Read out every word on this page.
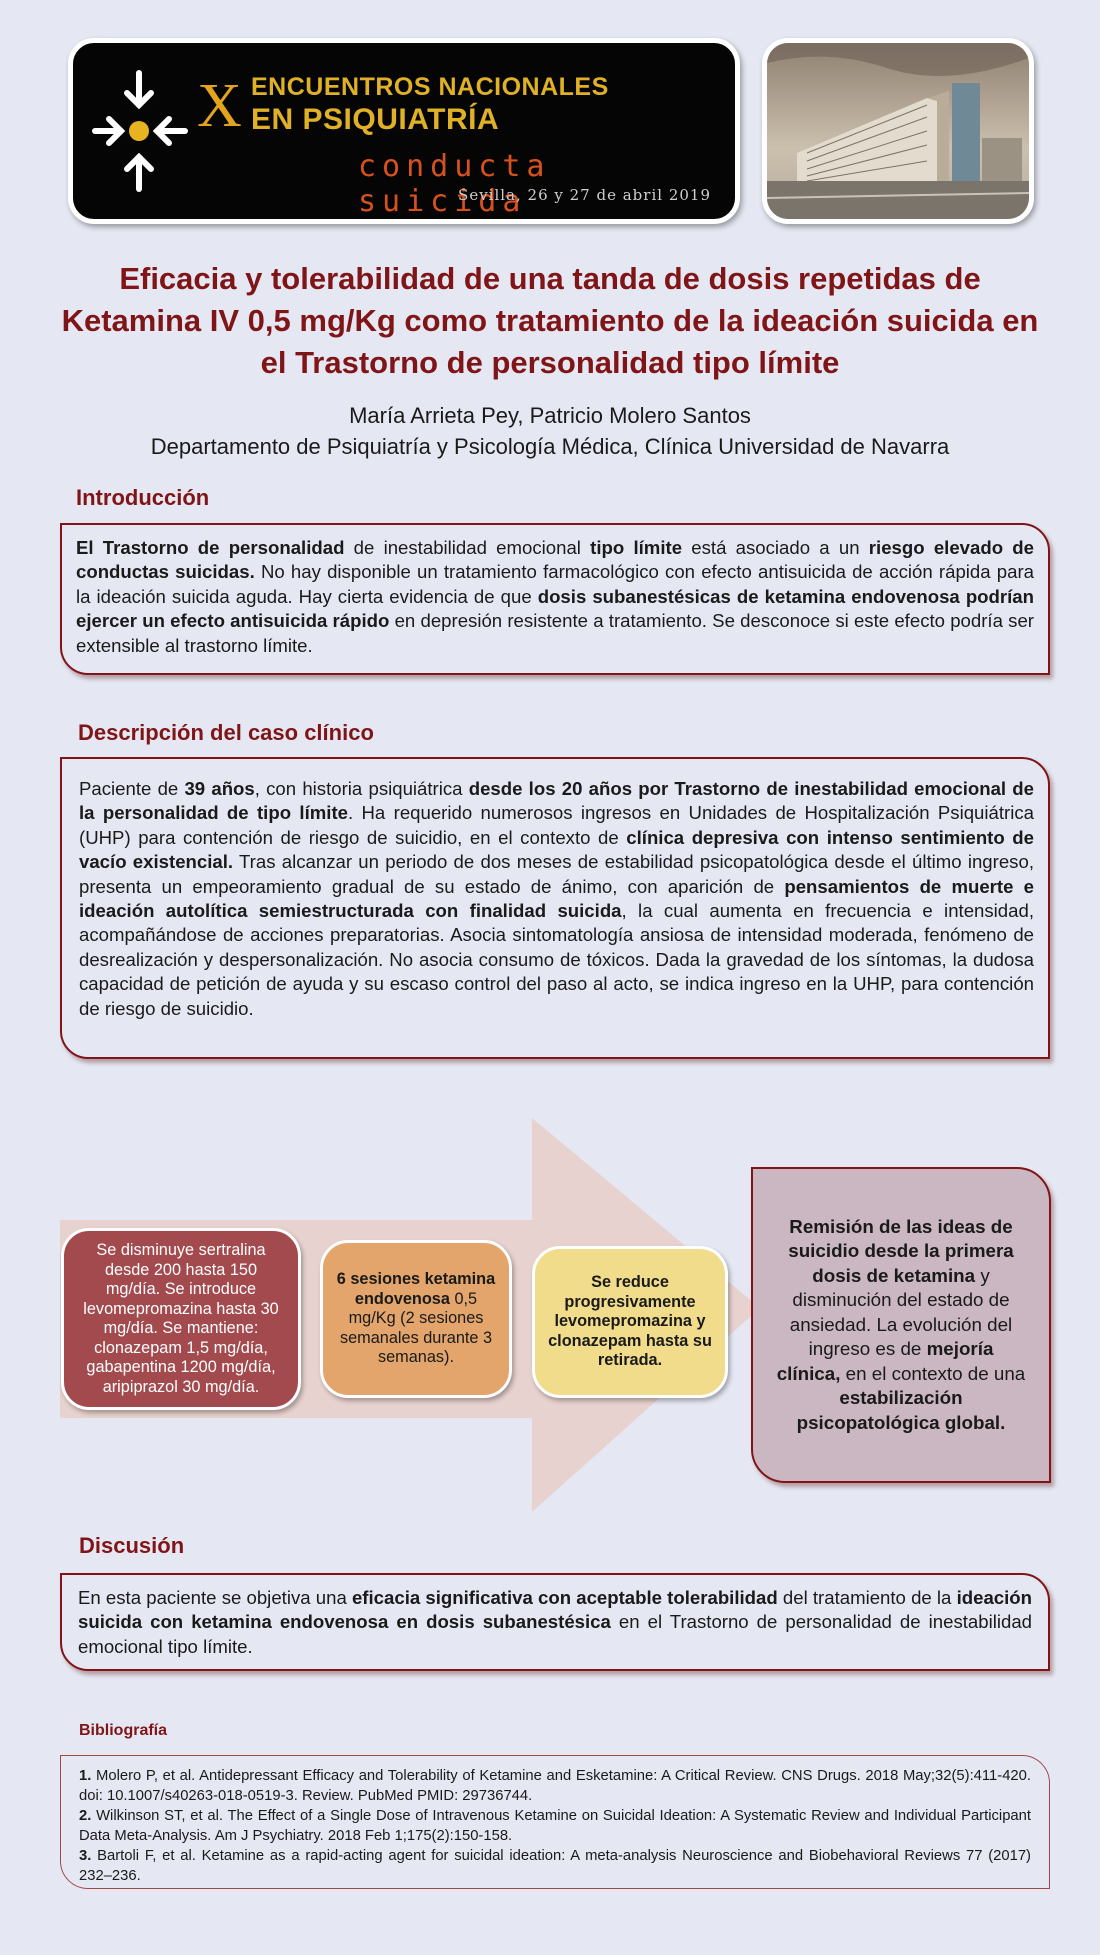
X ENCUENTROS NACIONALES
EN PSIQUIATRÍA
conducta suicida
Sevilla, 26 y 27 de abril 2019
Eficacia y tolerabilidad de una tanda de dosis repetidas de Ketamina IV 0,5 mg/Kg como tratamiento de la ideación suicida en el Trastorno de personalidad tipo límite
María Arrieta Pey, Patricio Molero Santos
Departamento de Psiquiatría y Psicología Médica, Clínica Universidad de Navarra
Introducción
El Trastorno de personalidad de inestabilidad emocional tipo límite está asociado a un riesgo elevado de conductas suicidas. No hay disponible un tratamiento farmacológico con efecto antisuicida de acción rápida para la ideación suicida aguda. Hay cierta evidencia de que dosis subanestésicas de ketamina endovenosa podrían ejercer un efecto antisuicida rápido en depresión resistente a tratamiento. Se desconoce si este efecto podría ser extensible al trastorno límite.
Descripción del caso clínico
Paciente de 39 años, con historia psiquiátrica desde los 20 años por Trastorno de inestabilidad emocional de la personalidad de tipo límite. Ha requerido numerosos ingresos en Unidades de Hospitalización Psiquiátrica (UHP) para contención de riesgo de suicidio, en el contexto de clínica depresiva con intenso sentimiento de vacío existencial. Tras alcanzar un periodo de dos meses de estabilidad psicopatológica desde el último ingreso, presenta un empeoramiento gradual de su estado de ánimo, con aparición de pensamientos de muerte e ideación autolítica semiestructurada con finalidad suicida, la cual aumenta en frecuencia e intensidad, acompañándose de acciones preparatorias. Asocia sintomatología ansiosa de intensidad moderada, fenómeno de desrealización y despersonalización. No asocia consumo de tóxicos. Dada la gravedad de los síntomas, la dudosa capacidad de petición de ayuda y su escaso control del paso al acto, se indica ingreso en la UHP, para contención de riesgo de suicidio.
Se disminuye sertralina desde 200 hasta 150 mg/día. Se introduce levomepromazina hasta 30 mg/día. Se mantiene: clonazepam 1,5 mg/día, gabapentina 1200 mg/día, aripiprazol 30 mg/día.
6 sesiones ketamina endovenosa 0,5 mg/Kg (2 sesiones semanales durante 3 semanas).
Se reduce progresivamente levomepromazina y clonazepam hasta su retirada.
Remisión de las ideas de suicidio desde la primera dosis de ketamina y disminución del estado de ansiedad. La evolución del ingreso es de mejoría clínica, en el contexto de una estabilización psicopatológica global.
Discusión
En esta paciente se objetiva una eficacia significativa con aceptable tolerabilidad del tratamiento de la ideación suicida con ketamina endovenosa en dosis subanestésica en el Trastorno de personalidad de inestabilidad emocional tipo límite.
Bibliografía
1. Molero P, et al. Antidepressant Efficacy and Tolerability of Ketamine and Esketamine: A Critical Review. CNS Drugs. 2018 May;32(5):411-420. doi: 10.1007/s40263-018-0519-3. Review. PubMed PMID: 29736744.
2. Wilkinson ST, et al. The Effect of a Single Dose of Intravenous Ketamine on Suicidal Ideation: A Systematic Review and Individual Participant Data Meta-Analysis. Am J Psychiatry. 2018 Feb 1;175(2):150-158.
3. Bartoli F, et al. Ketamine as a rapid-acting agent for suicidal ideation: A meta-analysis Neuroscience and Biobehavioral Reviews 77 (2017) 232–236.
